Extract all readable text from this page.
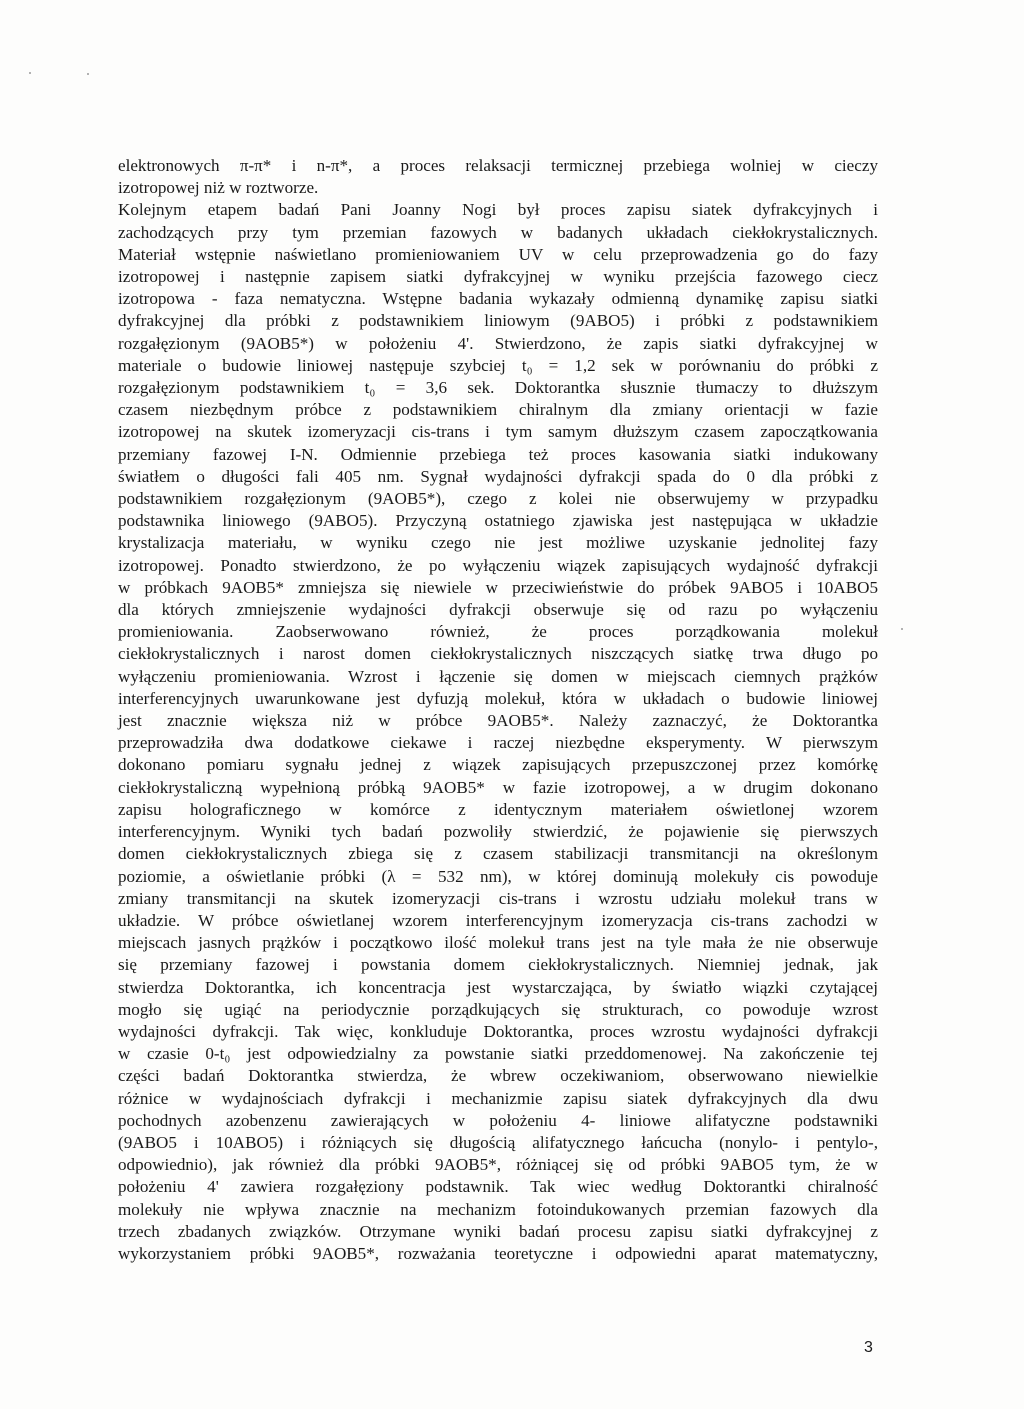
elektronowych π-π* i n-π*, a proces relaksacji termicznej przebiega wolniej w cieczy

izotropowej niż w roztworze.

Kolejnym etapem badań Pani Joanny Nogi był proces zapisu siatek dyfrakcyjnych i

zachodzących przy tym przemian fazowych w badanych układach ciekłokrystalicznych.

Materiał wstępnie naświetlano promieniowaniem UV w celu przeprowadzenia go do fazy

izotropowej i następnie zapisem siatki dyfrakcyjnej w wyniku przejścia fazowego ciecz

izotropowa - faza nematyczna. Wstępne badania wykazały odmienną dynamikę zapisu siatki

dyfrakcyjnej dla próbki z podstawnikiem liniowym (9ABO5) i próbki z podstawnikiem

rozgałęzionym (9AOB5*) w położeniu 4'. Stwierdzono, że zapis siatki dyfrakcyjnej w

materiale o budowie liniowej następuje szybciej t₀ = 1,2 sek w porównaniu do próbki z

rozgałęzionym podstawnikiem t₀ = 3,6 sek. Doktorantka słusznie tłumaczy to dłuższym

czasem niezbędnym próbce z podstawnikiem chiralnym dla zmiany orientacji w fazie

izotropowej na skutek izomeryzacji cis-trans i tym samym dłuższym czasem zapoczątkowania

przemiany fazowej I-N. Odmiennie przebiega też proces kasowania siatki indukowany

światłem o długości fali 405 nm. Sygnał wydajności dyfrakcji spada do 0 dla próbki z

podstawnikiem rozgałęzionym (9AOB5*), czego z kolei nie obserwujemy w przypadku

podstawnika liniowego (9ABO5). Przyczyną ostatniego zjawiska jest następująca w układzie

krystalizacja materiału, w wyniku czego nie jest możliwe uzyskanie jednolitej fazy

izotropowej. Ponadto stwierdzono, że po wyłączeniu wiązek zapisujących wydajność dyfrakcji

w próbkach 9AOB5* zmniejsza się niewiele w przeciwieństwie do próbek 9ABO5 i 10ABO5

dla których zmniejszenie wydajności dyfrakcji obserwuje się od razu po wyłączeniu

promieniowania. Zaobserwowano również, że proces porządkowania molekuł

ciekłokrystalicznych i narost domen ciekłokrystalicznych niszczących siatkę trwa długo po

wyłączeniu promieniowania. Wzrost i łączenie się domen w miejscach ciemnych prążków

interferencyjnych uwarunkowane jest dyfuzją molekuł, która w układach o budowie liniowej

jest znacznie większa niż w próbce 9AOB5*. Należy zaznaczyć, że Doktorantka

przeprowadziła dwa dodatkowe ciekawe i raczej niezbędne eksperymenty. W pierwszym

dokonano pomiaru sygnału jednej z wiązek zapisujących przepuszczonej przez komórkę

ciekłokrystaliczną wypełnioną próbką 9AOB5* w fazie izotropowej, a w drugim dokonano

zapisu holograficznego w komórce z identycznym materiałem oświetlonej wzorem

interferencyjnym. Wyniki tych badań pozwoliły stwierdzić, że pojawienie się pierwszych

domen ciekłokrystalicznych zbiega się z czasem stabilizacji transmitancji na określonym

poziomie, a oświetlanie próbki (λ = 532 nm), w której dominują molekuły cis powoduje

zmiany transmitancji na skutek izomeryzacji cis-trans i wzrostu udziału molekuł trans w

układzie. W próbce oświetlanej wzorem interferencyjnym izomeryzacja cis-trans zachodzi w

miejscach jasnych prążków i początkowo ilość molekuł trans jest na tyle mała że nie obserwuje

się przemiany fazowej i powstania domem ciekłokrystalicznych. Niemniej jednak, jak

stwierdza Doktorantka, ich koncentracja jest wystarczająca, by światło wiązki czytającej

mogło się ugiąć na periodycznie porządkujących się strukturach, co powoduje wzrost

wydajności dyfrakcji. Tak więc, konkluduje Doktorantka, proces wzrostu wydajności dyfrakcji

w czasie 0-t₀ jest odpowiedzialny za powstanie siatki przeddomenowej. Na zakończenie tej

części badań Doktorantka stwierdza, że wbrew oczekiwaniom, obserwowano niewielkie

różnice w wydajnościach dyfrakcji i mechanizmie zapisu siatek dyfrakcyjnych dla dwu

pochodnych azobenzenu zawierających w położeniu 4- liniowe alifatyczne podstawniki

(9ABO5 i 10ABO5) i różniących się długością alifatycznego łańcucha (nonylo- i pentylo-,

odpowiednio), jak również dla próbki 9AOB5*, różniącej się od próbki 9ABO5 tym, że w

położeniu 4' zawiera rozgałęziony podstawnik. Tak wiec według Doktorantki chiralność

molekuły nie wpływa znacznie na mechanizm fotoindukowanych przemian fazowych dla

trzech zbadanych związków. Otrzymane wyniki badań procesu zapisu siatki dyfrakcyjnej z

wykorzystaniem próbki 9AOB5*, rozważania teoretyczne i odpowiedni aparat matematyczny,

3
